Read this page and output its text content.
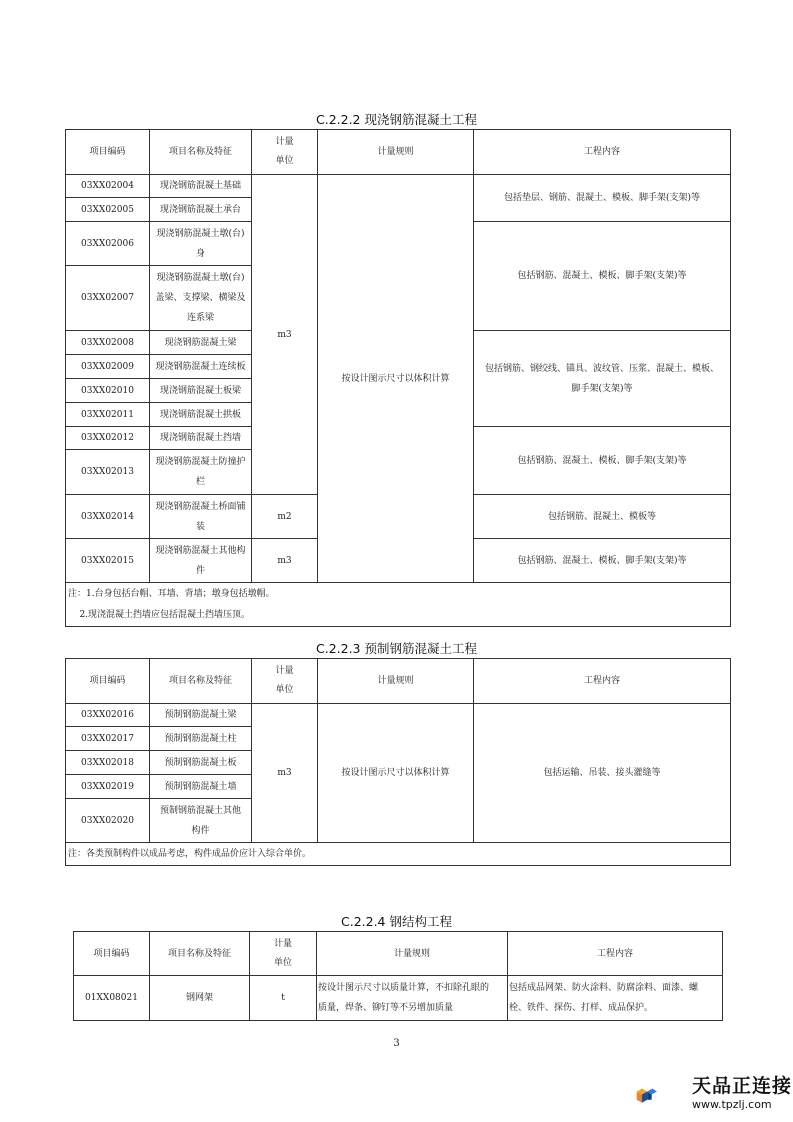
C.2.2.2 现浇钢筋混凝土工程
项目编码	项目名称及特征	计量
单位	计量规则	工程内容
03XX02004	现浇钢筋混凝土基础	m3	按设计图示尺寸以体积计算	包括垫层、钢筋、混凝土、模板、脚手架(支架)等
03XX02005	现浇钢筋混凝土承台			
03XX02006	现浇钢筋混凝土墩(台)
身			包括钢筋、混凝土、模板、脚手架(支架)等
03XX02007	现浇钢筋混凝土墩(台)
盖梁、支撑梁、横梁及
连系梁			
03XX02008	现浇钢筋混凝土梁			包括钢筋、钢绞线、锚具、波纹管、压浆、混凝土、模板、
脚手架(支架)等
03XX02009	现浇钢筋混凝土连续板			
03XX02010	现浇钢筋混凝土板梁			
03XX02011	现浇钢筋混凝土拱板			
03XX02012	现浇钢筋混凝土挡墙			包括钢筋、混凝土、模板、脚手架(支架)等
03XX02013	现浇钢筋混凝土防撞护
栏			
03XX02014	现浇钢筋混凝土桥面铺
装	m2		包括钢筋、混凝土、模板等
03XX02015	现浇钢筋混凝土其他构
件	m3		包括钢筋、混凝土、模板、脚手架(支架)等

注：1.台身包括台帽、耳墙、背墙；墩身包括墩帽。
2.现浇混凝土挡墙应包括混凝土挡墙压顶。				
C.2.2.3 预制钢筋混凝土工程
项目编码	项目名称及特征	计量
单位	计量规则	工程内容
03XX02016	预制钢筋混凝土梁	m3	按设计图示尺寸以体积计算	包括运输、吊装、接头灌缝等
03XX02017	预制钢筋混凝土柱			
03XX02018	预制钢筋混凝土板			
03XX02019	预制钢筋混凝土墙			
03XX02020	预制钢筋混凝土其他
构件			
注：各类预制构件以成品考虑，构件成品价应计入综合单价。				
C.2.2.4 钢结构工程
项目编码	项目名称及特征	计量
单位	计量规则	工程内容
01XX08021	钢网架	t	按设计图示尺寸以质量计算，不扣除孔眼的
质量，焊条、铆钉等不另增加质量	包括成品网架、防火涂料、防腐涂料、面漆、螺
栓、铁件、探伤、打样、成品保护。
3
天品正连接
www.tpzlj.com
